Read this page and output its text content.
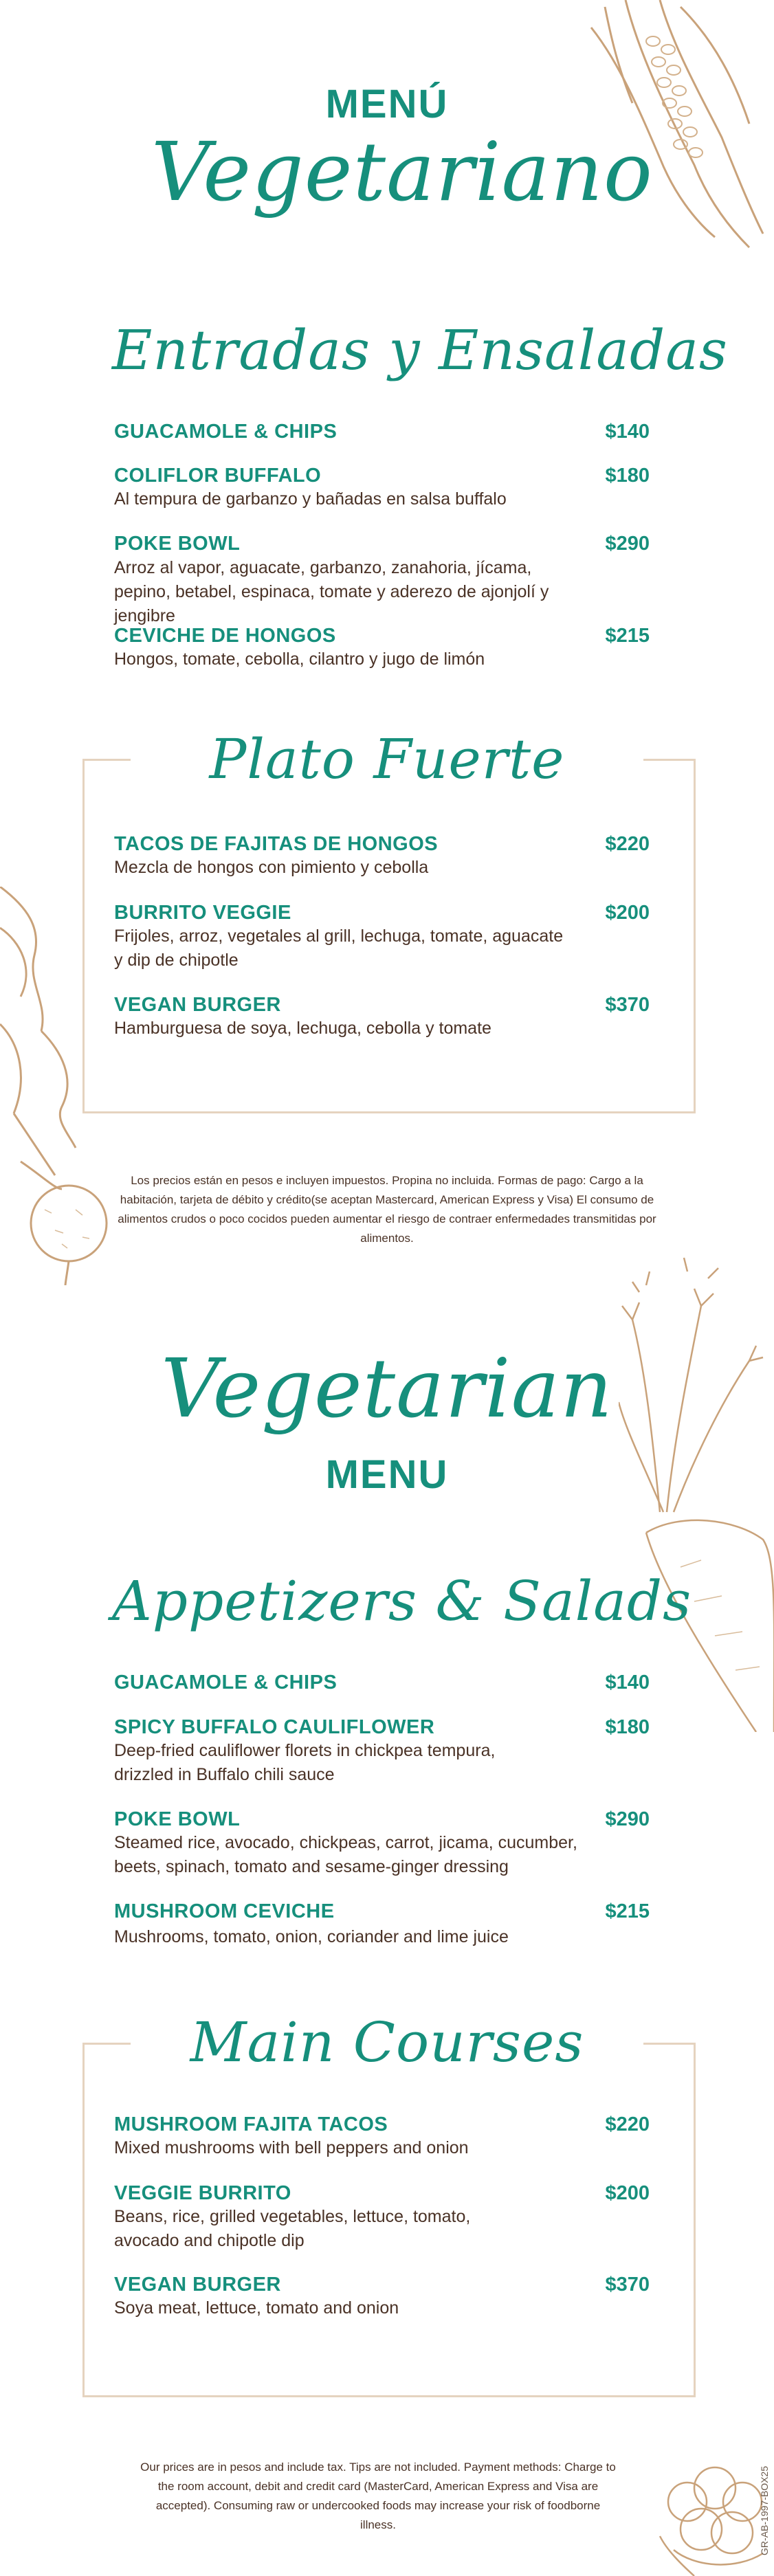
MENÚ
Vegetariano
Entradas y Ensaladas
GUACAMOLE & CHIPS	$140
COLIFLOR BUFFALO	$180
Al tempura de garbanzo y bañadas en salsa buffalo
POKE BOWL	$290
Arroz al vapor, aguacate, garbanzo, zanahoria, jícama, pepino, betabel, espinaca, tomate y aderezo de ajonjolí y jengibre
CEVICHE DE HONGOS	$215
Hongos, tomate, cebolla, cilantro y jugo de limón
Plato Fuerte
TACOS DE FAJITAS DE HONGOS	$220
Mezcla de hongos con pimiento y cebolla
BURRITO VEGGIE	$200
Frijoles, arroz, vegetales al grill, lechuga, tomate, aguacate y dip de chipotle
VEGAN BURGER	$370
Hamburguesa de soya, lechuga, cebolla y tomate
Los precios están en pesos e incluyen impuestos. Propina no incluida. Formas de pago: Cargo a la habitación, tarjeta de débito y crédito(se aceptan Mastercard, American Express y Visa) El consumo de alimentos crudos o poco cocidos pueden aumentar el riesgo de contraer enfermedades transmitidas por alimentos.
Vegetarian
MENU
Appetizers & Salads
GUACAMOLE & CHIPS	$140
SPICY BUFFALO CAULIFLOWER	$180
Deep-fried cauliflower florets in chickpea tempura, drizzled in Buffalo chili sauce
POKE BOWL	$290
Steamed rice, avocado, chickpeas, carrot, jicama, cucumber, beets, spinach, tomato and sesame-ginger dressing
MUSHROOM CEVICHE	$215
Mushrooms, tomato, onion, coriander and lime juice
Main Courses
MUSHROOM FAJITA TACOS	$220
Mixed mushrooms with bell peppers and onion
VEGGIE BURRITO	$200
Beans, rice, grilled vegetables, lettuce, tomato, avocado and chipotle dip
VEGAN BURGER	$370
Soya meat, lettuce, tomato and onion
Our prices are in pesos and include tax. Tips are not included. Payment methods: Charge to the room account, debit and credit card (MasterCard, American Express and Visa are accepted). Consuming raw or undercooked foods may increase your risk of foodborne illness.	GR-AB-1997-BOX25
